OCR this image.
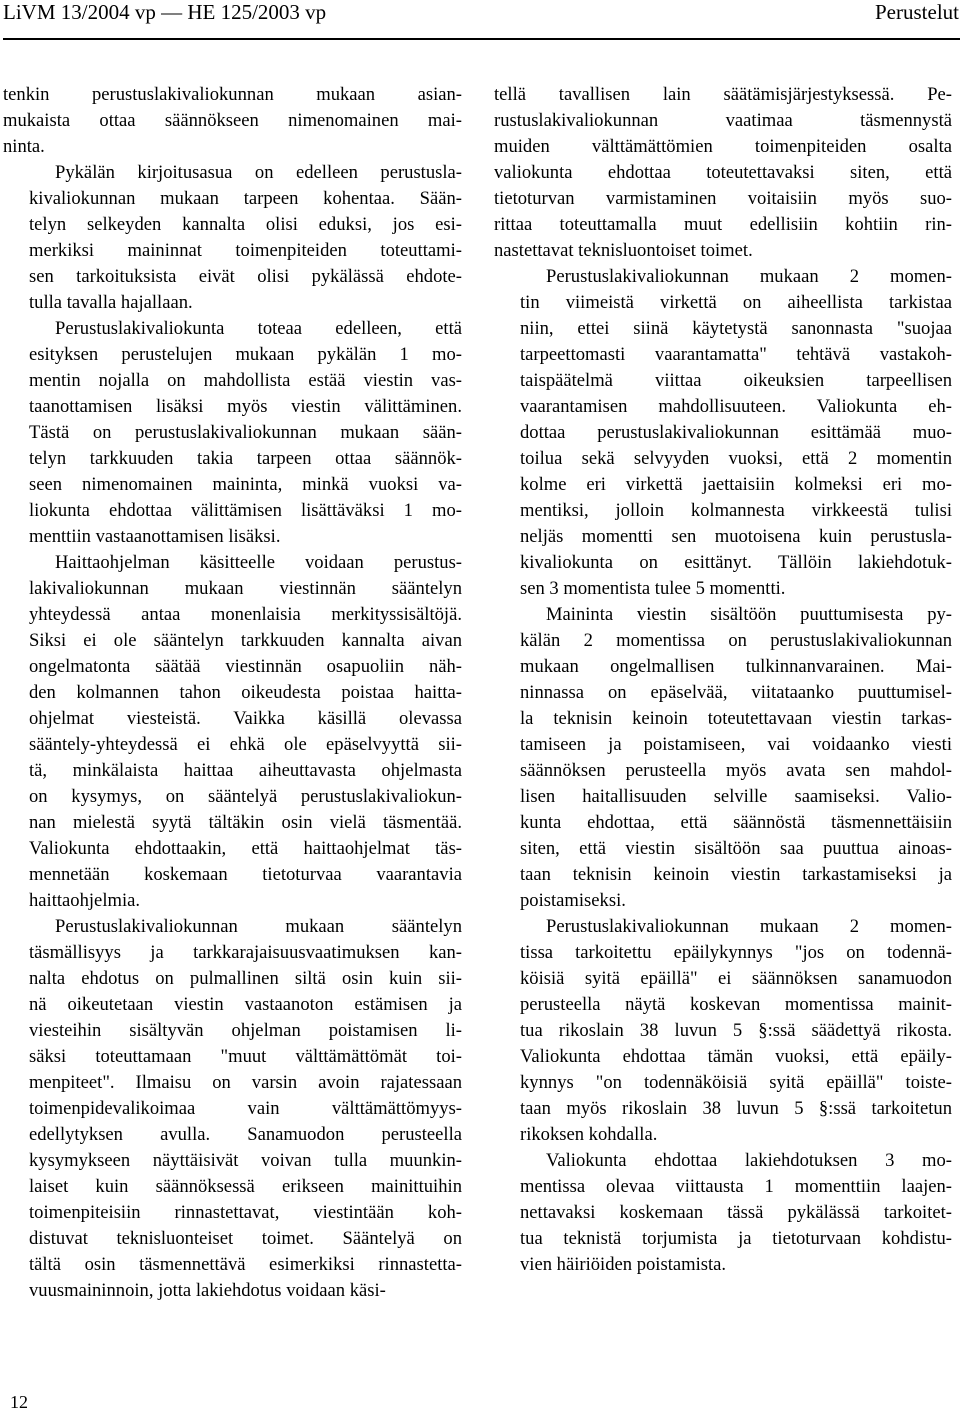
LiVM 13/2004 vp — HE 125/2003 vp	Perustelut

tenkin perustuslakivaliokunnan mukaan asian-
mukaista ottaa säännökseen nimenomainen mai-
ninta.

Pykälän kirjoitusasua on edelleen perustusla-
kivaliokunnan mukaan tarpeen kohentaa. Sään-
telyn selkeyden kannalta olisi eduksi, jos esi-
merkiksi maininnat toimenpiteiden toteuttami-
sen tarkoituksista eivät olisi pykälässä ehdote-
tulla tavalla hajallaan.

Perustuslakivaliokunta toteaa edelleen, että
esityksen perustelujen mukaan pykälän 1 mo-
mentin nojalla on mahdollista estää viestin vas-
taanottamisen lisäksi myös viestin välittäminen.
Tästä on perustuslakivaliokunnan mukaan sään-
telyn tarkkuuden takia tarpeen ottaa säännök-
seen nimenomainen maininta, minkä vuoksi va-
liokunta ehdottaa välittämisen lisättäväksi 1 mo-
menttiin vastaanottamisen lisäksi.

Haittaohjelman käsitteelle voidaan perustus-
lakivaliokunnan mukaan viestinnän sääntelyn
yhteydessä antaa monenlaisia merkityssisältöjä.
Siksi ei ole sääntelyn tarkkuuden kannalta aivan
ongelmatonta säätää viestinnän osapuoliin näh-
den kolmannen tahon oikeudesta poistaa haitta-
ohjelmat viesteistä. Vaikka käsillä olevassa
sääntely-yhteydessä ei ehkä ole epäselvyyttä sii-
tä, minkälaista haittaa aiheuttavasta ohjelmasta
on kysymys, on sääntelyä perustuslakivaliokun-
nan mielestä syytä tältäkin osin vielä täsmentää.
Valiokunta ehdottaakin, että haittaohjelmat täs-
mennetään koskemaan tietoturvaa vaarantavia
haittaohjelmia.

Perustuslakivaliokunnan mukaan sääntelyn
täsmällisyys ja tarkkarajaisuusvaatimuksen kan-
nalta ehdotus on pulmallinen siltä osin kuin sii-
nä oikeutetaan viestin vastaanoton estämisen ja
viesteihin sisältyvän ohjelman poistamisen li-
säksi toteuttamaan "muut välttämättömät toi-
menpiteet". Ilmaisu on varsin avoin rajatessaan
toimenpidevalikoimaa vain välttämättömyys-
edellytyksen avulla. Sanamuodon perusteella
kysymykseen näyttäisivät voivan tulla muunkin-
laiset kuin säännöksessä erikseen mainittuihin
toimenpiteisiin rinnastettavat, viestintään koh-
distuvat teknisluonteiset toimet. Sääntelyä on
tältä osin täsmennettävä esimerkiksi rinnastetta-
vuusmaininnoin, jotta lakiehdotus voidaan käsi-

tellä tavallisen lain säätämisjärjestyksessä. Pe-
rustuslakivaliokunnan vaatimaa täsmennystä
muiden välttämättömien toimenpiteiden osalta
valiokunta ehdottaa toteutettavaksi siten, että
tietoturvan varmistaminen voitaisiin myös suo-
rittaa toteuttamalla muut edellisiin kohtiin rin-
nastettavat teknisluontoiset toimet.

Perustuslakivaliokunnan mukaan 2 momen-
tin viimeistä virkettä on aiheellista tarkistaa
niin, ettei siinä käytetystä sanonnasta "suojaa
tarpeettomasti vaarantamatta" tehtävä vastakoh-
taispäätelmä viittaa oikeuksien tarpeellisen
vaarantamisen mahdollisuuteen. Valiokunta eh-
dottaa perustuslakivaliokunnan esittämää muo-
toilua sekä selvyyden vuoksi, että 2 momentin
kolme eri virkettä jaettaisiin kolmeksi eri mo-
mentiksi, jolloin kolmannesta virkkeestä tulisi
neljäs momentti sen muotoisena kuin perustusla-
kivaliokunta on esittänyt. Tällöin lakiehdotuk-
sen 3 momentista tulee 5 momentti.

Maininta viestin sisältöön puuttumisesta py-
kälän 2 momentissa on perustuslakivaliokunnan
mukaan ongelmallisen tulkinnanvarainen. Mai-
ninnassa on epäselvää, viitataanko puuttumisel-
la teknisin keinoin toteutettavaan viestin tarkas-
tamiseen ja poistamiseen, vai voidaanko viesti
säännöksen perusteella myös avata sen mahdol-
lisen haitallisuuden selville saamiseksi. Valio-
kunta ehdottaa, että säännöstä täsmennettäisiin
siten, että viestin sisältöön saa puuttua ainoas-
taan teknisin keinoin viestin tarkastamiseksi ja
poistamiseksi.

Perustuslakivaliokunnan mukaan 2 momen-
tissa tarkoitettu epäilykynnys "jos on todennä-
köisiä syitä epäillä" ei säännöksen sanamuodon
perusteella näytä koskevan momentissa mainit-
tua rikoslain 38 luvun 5 §:ssä säädettyä rikosta.
Valiokunta ehdottaa tämän vuoksi, että epäily-
kynnys "on todennäköisiä syitä epäillä" toiste-
taan myös rikoslain 38 luvun 5 §:ssä tarkoitetun
rikoksen kohdalla.

Valiokunta ehdottaa lakiehdotuksen 3 mo-
mentissa olevaa viittausta 1 momenttiin laajen-
nettavaksi koskemaan tässä pykälässä tarkoitet-
tua teknistä torjumista ja tietoturvaan kohdistu-
vien häiriöiden poistamista.

12
